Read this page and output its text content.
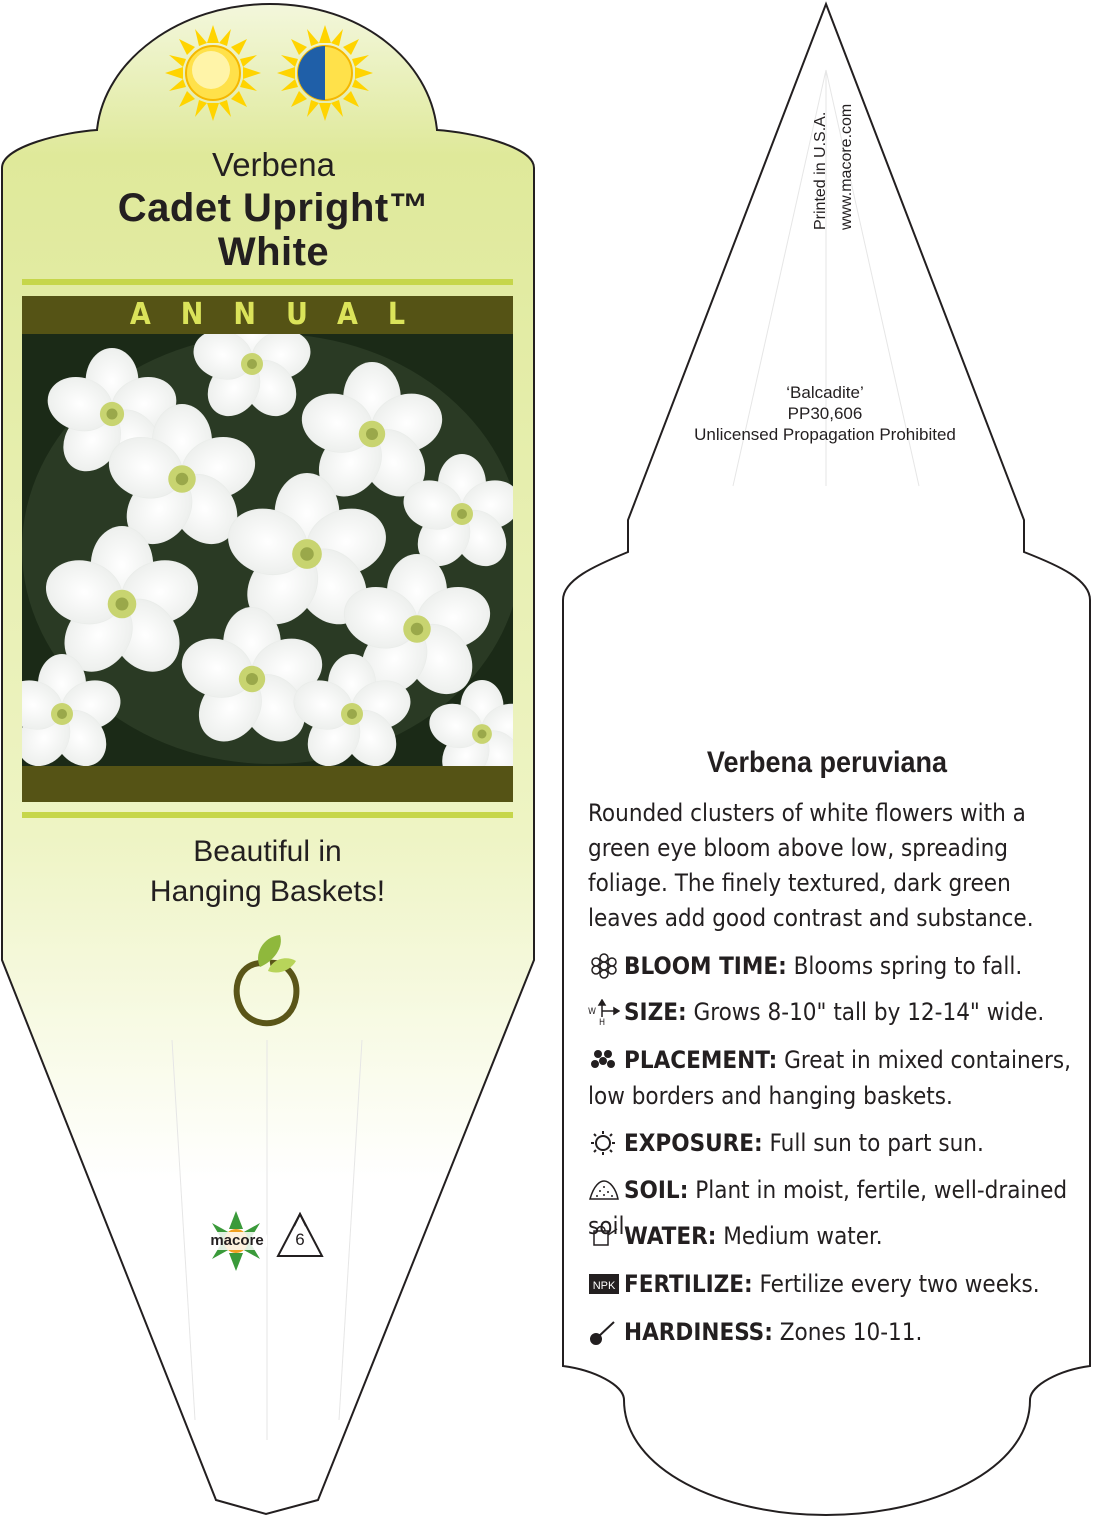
Verbena
Cadet Upright™
White
ANNUAL
Beautiful in
Hanging Baskets!
macore	6
Printed in U.S.A. www.macore.com
‘Balcadite’
PP30,606
Unlicensed Propagation Prohibited
Verbena peruviana
Rounded clusters of white flowers with a green eye bloom above low, spreading foliage. The finely textured, dark green leaves add good contrast and substance.
BLOOM TIME: Blooms spring to fall.
W
H SIZE: Grows 8-10" tall by 12-14" wide.
PLACEMENT: Great in mixed containers, low borders and hanging baskets.
EXPOSURE: Full sun to part sun.
SOIL: Plant in moist, fertile, well-drained soil.
WATER: Medium water.
NPK FERTILIZE: Fertilize every two weeks.
HARDINESS: Zones 10-11.
